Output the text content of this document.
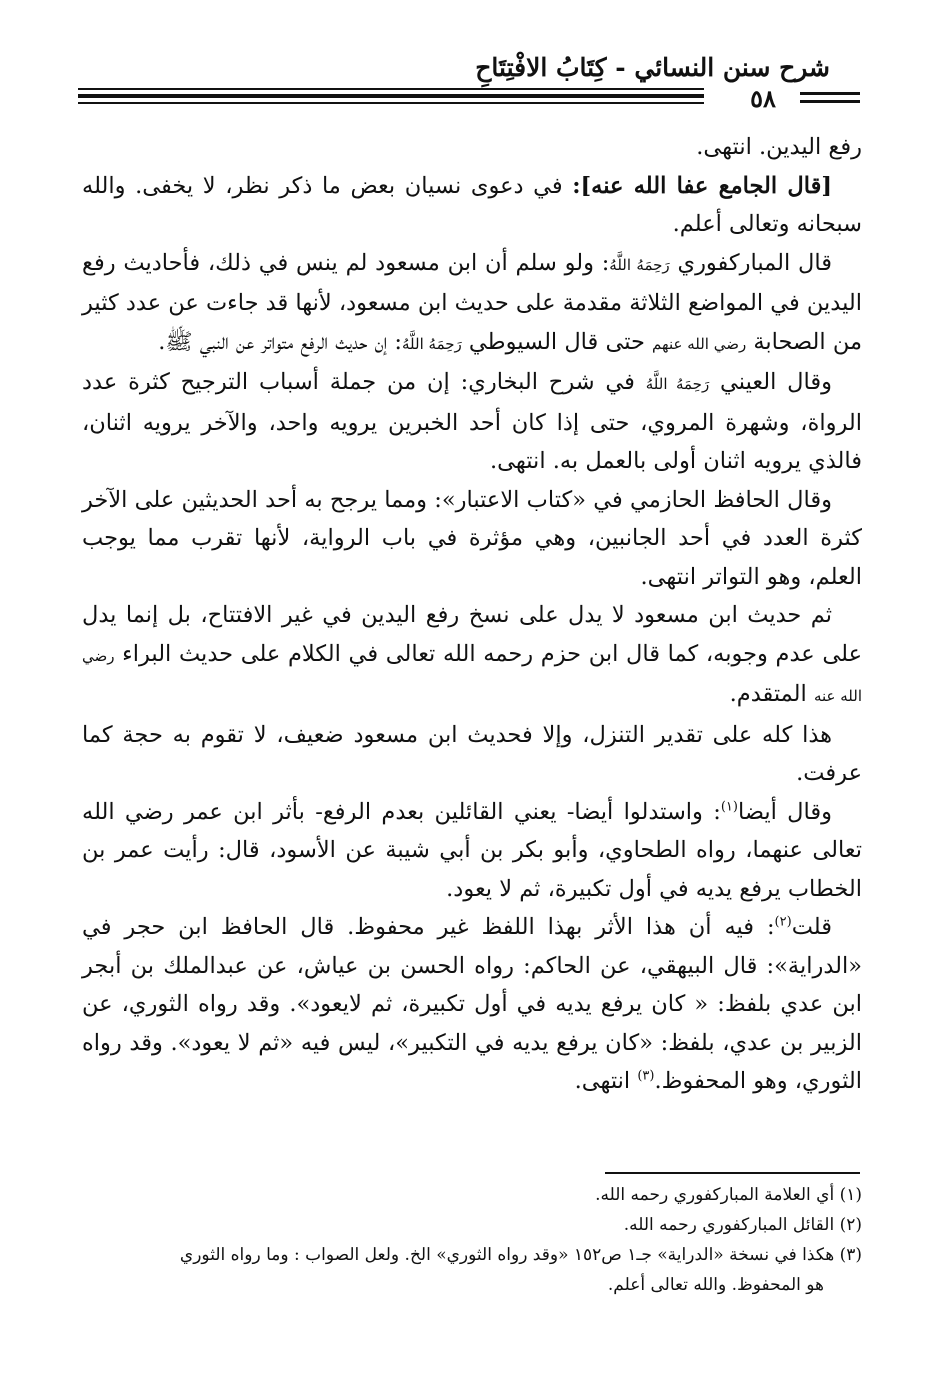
شرح سنن النسائي - كِتَابُ الافْتِتَاحِ
٥٨

رفع اليدين. انتهى.

[قال الجامع عفا الله عنه]: في دعوى نسيان بعض ما ذكر نظر، لا يخفى. والله سبحانه وتعالى أعلم.

قال المباركفوري رَحِمَهُ اللَّهُ: ولو سلم أن ابن مسعود لم ينس في ذلك، فأحاديث رفع اليدين في المواضع الثلاثة مقدمة على حديث ابن مسعود، لأنها قد جاءت عن عدد كثير من الصحابة رضي الله عنهم حتى قال السيوطي رَحِمَهُ اللَّهُ: إن حديث الرفع متواتر عن النبي ﷺ.

وقال العيني رَحِمَهُ اللَّهُ في شرح البخاري: إن من جملة أسباب الترجيح كثرة عدد الرواة، وشهرة المروي، حتى إذا كان أحد الخبرين يرويه واحد، والآخر يرويه اثنان، فالذي يرويه اثنان أولى بالعمل به. انتهى.

وقال الحافظ الحازمي في «كتاب الاعتبار»: ومما يرجح به أحد الحديثين على الآخر كثرة العدد في أحد الجانبين، وهي مؤثرة في باب الرواية، لأنها تقرب مما يوجب العلم، وهو التواتر انتهى.

ثم حديث ابن مسعود لا يدل على نسخ رفع اليدين في غير الافتتاح، بل إنما يدل على عدم وجوبه، كما قال ابن حزم رحمه الله تعالى في الكلام على حديث البراء رضي الله عنه المتقدم.

هذا كله على تقدير التنزل، وإلا فحديث ابن مسعود ضعيف، لا تقوم به حجة كما عرفت.

وقال أيضا$^{(١)}$: واستدلوا أيضا- يعني القائلين بعدم الرفع- بأثر ابن عمر رضي الله تعالى عنهما، رواه الطحاوي، وأبو بكر بن أبي شيبة عن الأسود، قال: رأيت عمر بن الخطاب يرفع يديه في أول تكبيرة، ثم لا يعود.

قلت$^{(٢)}$: فيه أن هذا الأثر بهذا اللفظ غير محفوظ. قال الحافظ ابن حجر في «الدراية»: قال البيهقي، عن الحاكم: رواه الحسن بن عياش، عن عبدالملك بن أبجر ابن عدي بلفظ: « كان يرفع يديه في أول تكبيرة، ثم لايعود». وقد رواه الثوري، عن الزبير بن عدي، بلفظ: «كان يرفع يديه في التكبير»، ليس فيه «ثم لا يعود». وقد رواه الثوري، وهو المحفوظ.$^{(٣)}$ انتهى.

(١) أي العلامة المباركفوري رحمه الله.

(٢) القائل المباركفوري رحمه الله.

(٣) هكذا في نسخة «الدراية» جـ١ ص١٥٢ «وقد رواه الثوري» الخ. ولعل الصواب : وما رواه الثوري

هو المحفوظ. والله تعالى أعلم.
